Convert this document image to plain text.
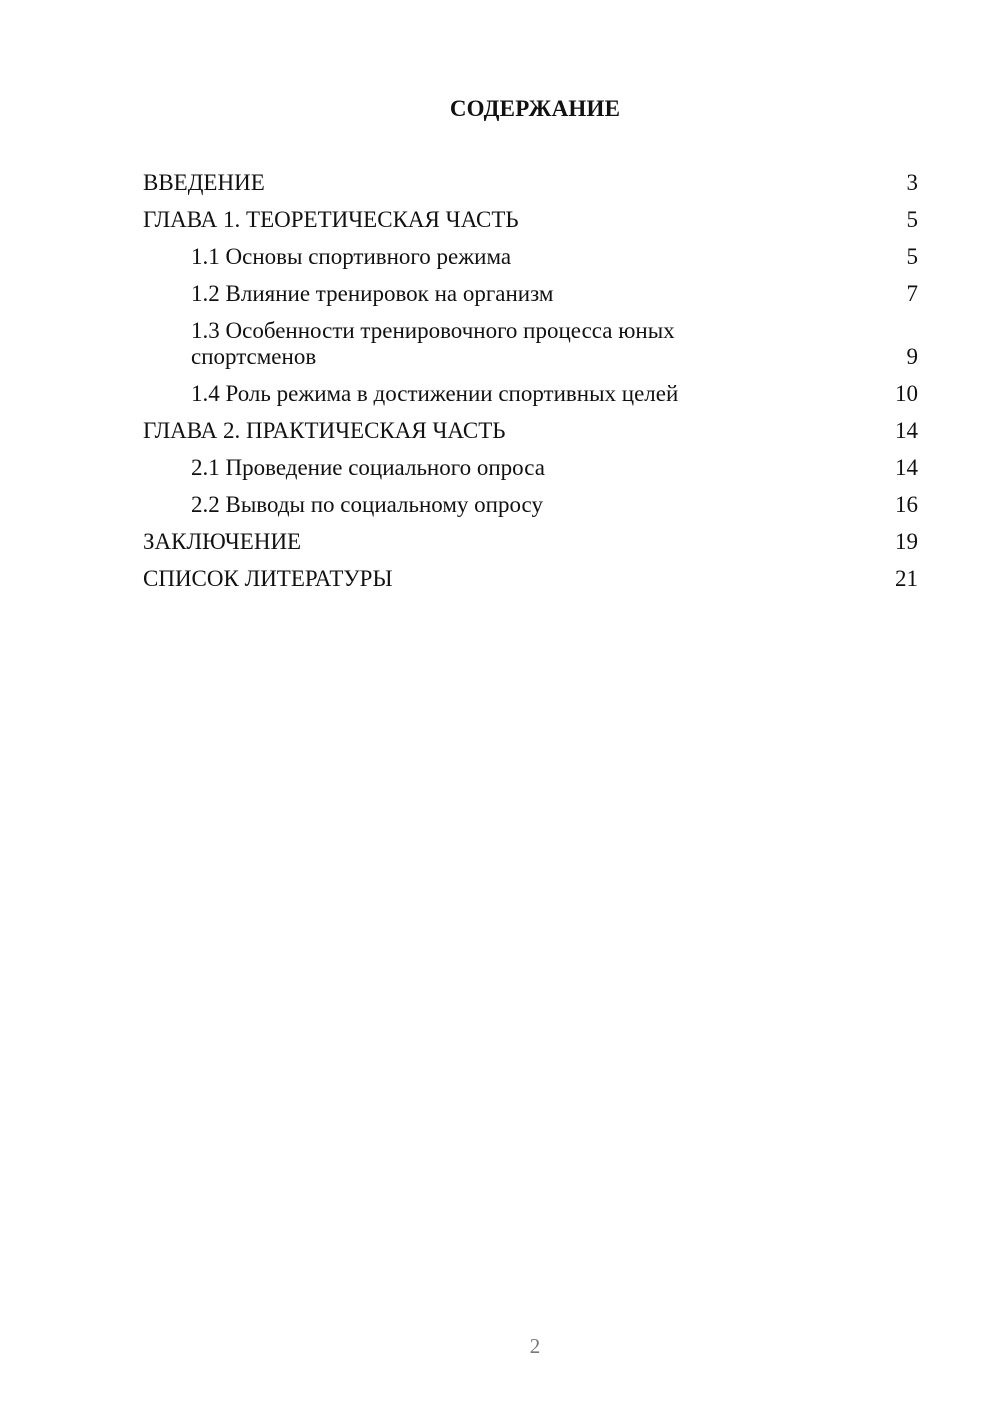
СОДЕРЖАНИЕ
ВВЕДЕНИЕ	3
ГЛАВА 1. ТЕОРЕТИЧЕСКАЯ ЧАСТЬ	5
1.1 Основы спортивного режима	5
1.2 Влияние тренировок на организм	7
1.3 Особенности тренировочного процесса юных спортсменов	9
1.4 Роль режима в достижении спортивных целей	10
ГЛАВА 2. ПРАКТИЧЕСКАЯ ЧАСТЬ	14
2.1 Проведение социального опроса	14
2.2 Выводы по социальному опросу	16
ЗАКЛЮЧЕНИЕ	19
СПИСОК ЛИТЕРАТУРЫ	21
2
